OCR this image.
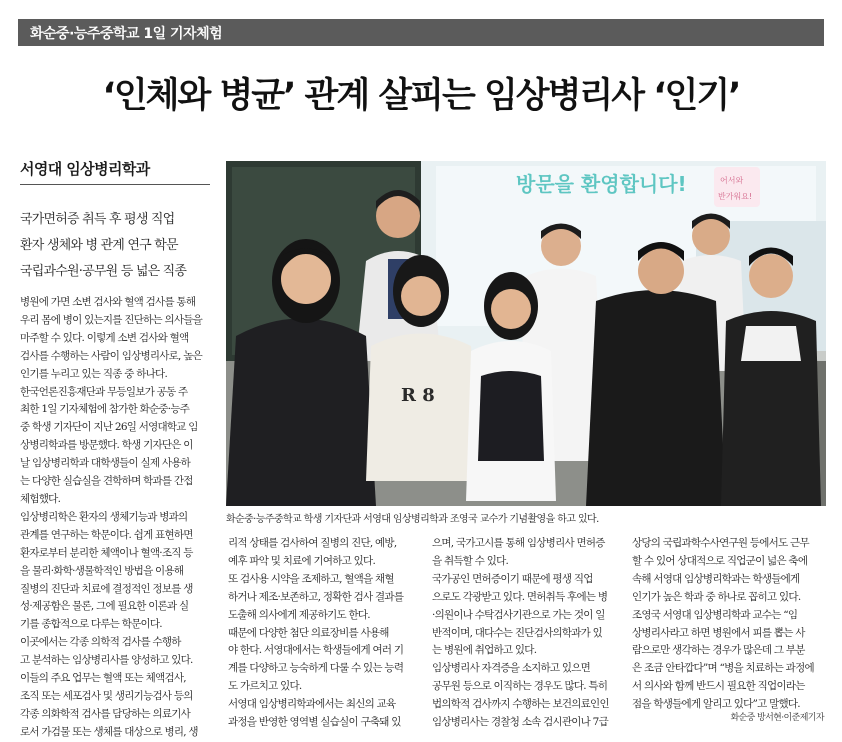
화순중·능주중학교 1일 기자체험
‘인체와 병균’ 관계 살피는 임상병리사 ‘인기’
서영대 임상병리학과
국가면허증 취득 후 평생 직업
환자 생체와 병 관계 연구 학문
국립과수원·공무원 등 넓은 직종
방문을 환영합니다!	어서와
반가워요!
R 8
화순중·능주중학교 학생 기자단과 서영대 임상병리학과 조영국 교수가 기념촬영을 하고 있다.
병원에 가면 소변 검사와 혈액 검사를 통해
우리 몸에 병이 있는지를 진단하는 의사들을
마주할 수 있다. 이렇게 소변 검사와 혈액
검사를 수행하는 사람이 임상병리사로, 높은
인기를 누리고 있는 직종 중 하나다.
한국언론진흥재단과 무등일보가 공동 주
최한 1일 기자체험에 참가한 화순중·능주
중 학생 기자단이 지난 26일 서영대학교 임
상병리학과를 방문했다. 학생 기자단은 이
날 임상병리학과 대학생들이 실제 사용하
는 다양한 실습실을 견학하며 학과를 간접
체험했다.
임상병리학은 환자의 생체기능과 병과의
관계를 연구하는 학문이다. 쉽게 표현하면
환자로부터 분리한 체액이나 혈액·조직 등
을 물리·화학·생물학적인 방법을 이용해
질병의 진단과 치료에 결정적인 정보를 생
성·제공함은 물론, 그에 필요한 이론과 실
기를 종합적으로 다루는 학문이다.
이곳에서는 각종 의학적 검사를 수행하
고 분석하는 임상병리사를 양성하고 있다.
이들의 주요 업무는 혈액 또는 체액검사,
조직 또는 세포검사 및 생리기능검사 등의
각종 의화학적 검사를 담당하는 의료기사
로서 가검물 또는 생체를 대상으로 병리, 생
리적 상태를 검사하여 질병의 진단, 예방,
예후 파악 및 치료에 기여하고 있다.
또 검사용 시약을 조제하고, 혈액을 채혈
하거나 제조·보존하고, 정확한 검사 결과를
도출해 의사에게 제공하기도 한다.
때문에 다양한 첨단 의료장비를 사용해
야 한다. 서영대에서는 학생들에게 여러 기
계를 다양하고 능숙하게 다룰 수 있는 능력
도 가르치고 있다.
서영대 임상병리학과에서는 최신의 교육
과정을 반영한 영역별 실습실이 구축돼 있
으며, 국가고시를 통해 임상병리사 면허증
을 취득할 수 있다.
국가공인 면허증이기 때문에 평생 직업
으로도 각광받고 있다. 면허취득 후에는 병
·의원이나 수탁검사기관으로 가는 것이 일
반적이며, 대다수는 진단검사의학과가 있
는 병원에 취업하고 있다.
임상병리사 자격증을 소지하고 있으면
공무원 등으로 이직하는 경우도 많다. 특히
법의학적 검사까지 수행하는 보건의료인인
임상병리사는 경찰청 소속 검시관이나 7급
상당의 국립과학수사연구원 등에서도 근무
할 수 있어 상대적으로 직업군이 넓은 축에
속해 서영대 임상병리학과는 학생들에게
인기가 높은 학과 중 하나로 꼽히고 있다.
조영국 서영대 임상병리학과 교수는 “임
상병리사라고 하면 병원에서 피를 뽑는 사
람으로만 생각하는 경우가 많은데 그 부분
은 조금 안타깝다”며 “병을 치료하는 과정에
서 의사와 함께 반드시 필요한 직업이라는
점을 학생들에게 알리고 있다”고 말했다.
화순중 방서현·이준제기자
